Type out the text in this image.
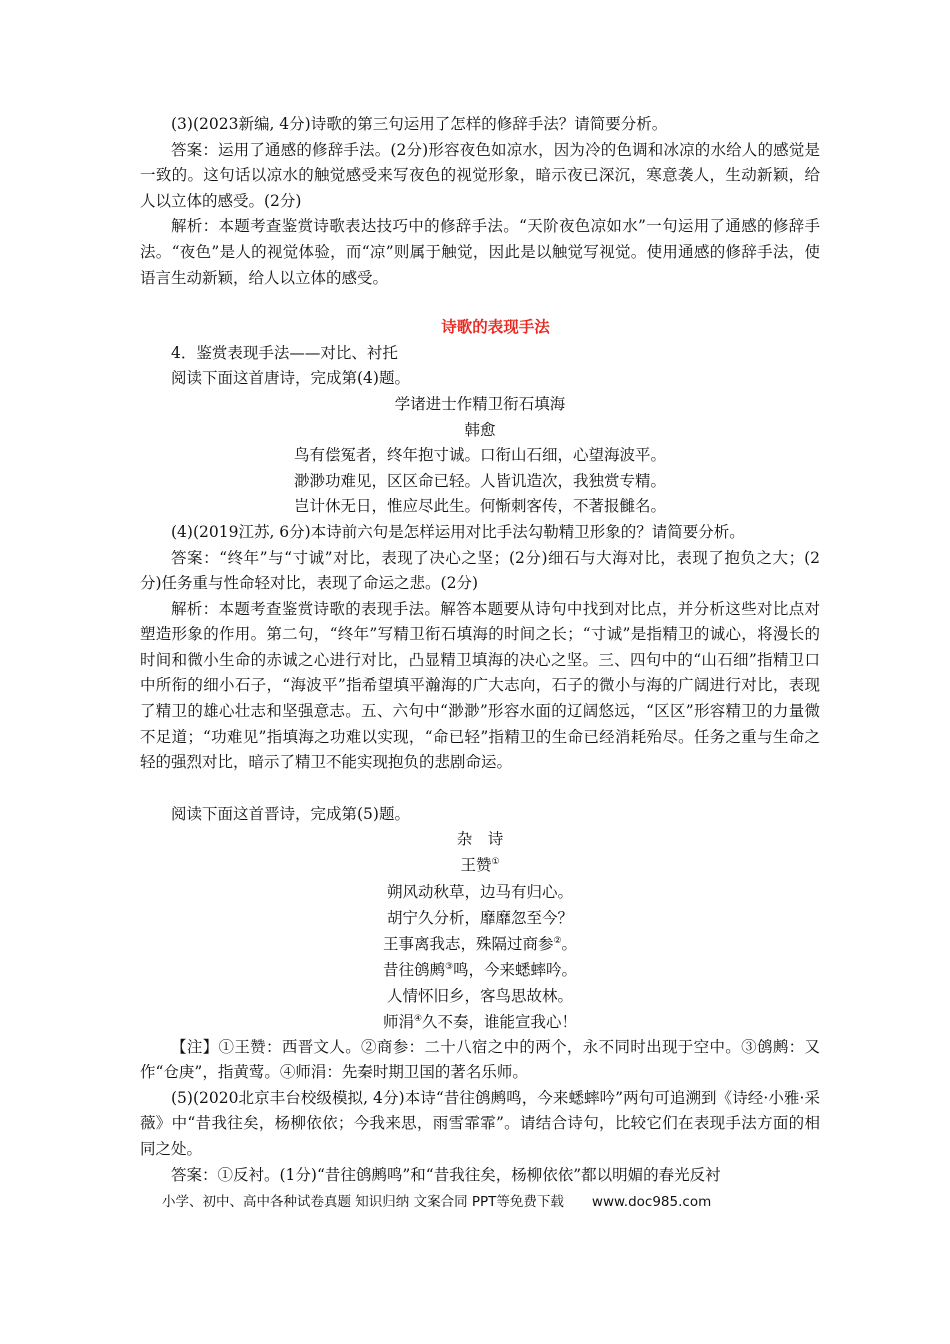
(3)(2023新编, 4分)诗歌的第三句运用了怎样的修辞手法？请简要分析。

答案：运用了通感的修辞手法。(2分)形容夜色如凉水，因为冷的色调和冰凉的水给人的感觉是一致的。这句话以凉水的触觉感受来写夜色的视觉形象，暗示夜已深沉，寒意袭人，生动新颖，给人以立体的感受。(2分)

解析：本题考查鉴赏诗歌表达技巧中的修辞手法。“天阶夜色凉如水”一句运用了通感的修辞手法。“夜色”是人的视觉体验，而“凉”则属于触觉，因此是以触觉写视觉。使用通感的修辞手法，使语言生动新颖，给人以立体的感受。

诗歌的表现手法

4．鉴赏表现手法——对比、衬托

阅读下面这首唐诗，完成第(4)题。

学诸进士作精卫衔石填海
韩愈
鸟有偿冤者，终年抱寸诚。口衔山石细，心望海波平。
渺渺功难见，区区命已轻。人皆讥造次，我独赏专精。
岂计休无日，惟应尽此生。何惭刺客传，不著报雠名。

(4)(2019江苏, 6分)本诗前六句是怎样运用对比手法勾勒精卫形象的？请简要分析。

答案：“终年”与“寸诚”对比，表现了决心之坚；(2分)细石与大海对比，表现了抱负之大；(2分)任务重与性命轻对比，表现了命运之悲。(2分)

解析：本题考查鉴赏诗歌的表现手法。解答本题要从诗句中找到对比点，并分析这些对比点对塑造形象的作用。第二句，“终年”写精卫衔石填海的时间之长；“寸诚”是指精卫的诚心，将漫长的时间和微小生命的赤诚之心进行对比，凸显精卫填海的决心之坚。三、四句中的“山石细”指精卫口中所衔的细小石子，“海波平”指希望填平瀚海的广大志向，石子的微小与海的广阔进行对比，表现了精卫的雄心壮志和坚强意志。五、六句中“渺渺”形容水面的辽阔悠远，“区区”形容精卫的力量微不足道；“功难见”指填海之功难以实现，“命已轻”指精卫的生命已经消耗殆尽。任务之重与生命之轻的强烈对比，暗示了精卫不能实现抱负的悲剧命运。

阅读下面这首晋诗，完成第(5)题。

杂　诗
王赞①
朔风动秋草，边马有归心。
胡宁久分析，靡靡忽至今？
王事离我志，殊隔过商参②。
昔往鸧鹒③鸣，今来蟋蟀吟。
人情怀旧乡，客鸟思故林。
师涓④久不奏，谁能宣我心！

【注】①王赞：西晋文人。②商参：二十八宿之中的两个，永不同时出现于空中。③鸧鹒：又作“仓庚”，指黄莺。④师涓：先秦时期卫国的著名乐师。

(5)(2020北京丰台校级模拟, 4分)本诗“昔往鸧鹒鸣，今来蟋蟀吟”两句可追溯到《诗经·小雅·采薇》中“昔我往矣，杨柳依依；今我来思，雨雪霏霏”。请结合诗句，比较它们在表现手法方面的相同之处。

答案：①反衬。(1分)“昔往鸧鹒鸣”和“昔我往矣，杨柳依依”都以明媚的春光反衬

小学、初中、高中各种试卷真题 知识归纳 文案合同 PPT等免费下载 www.doc985.com
